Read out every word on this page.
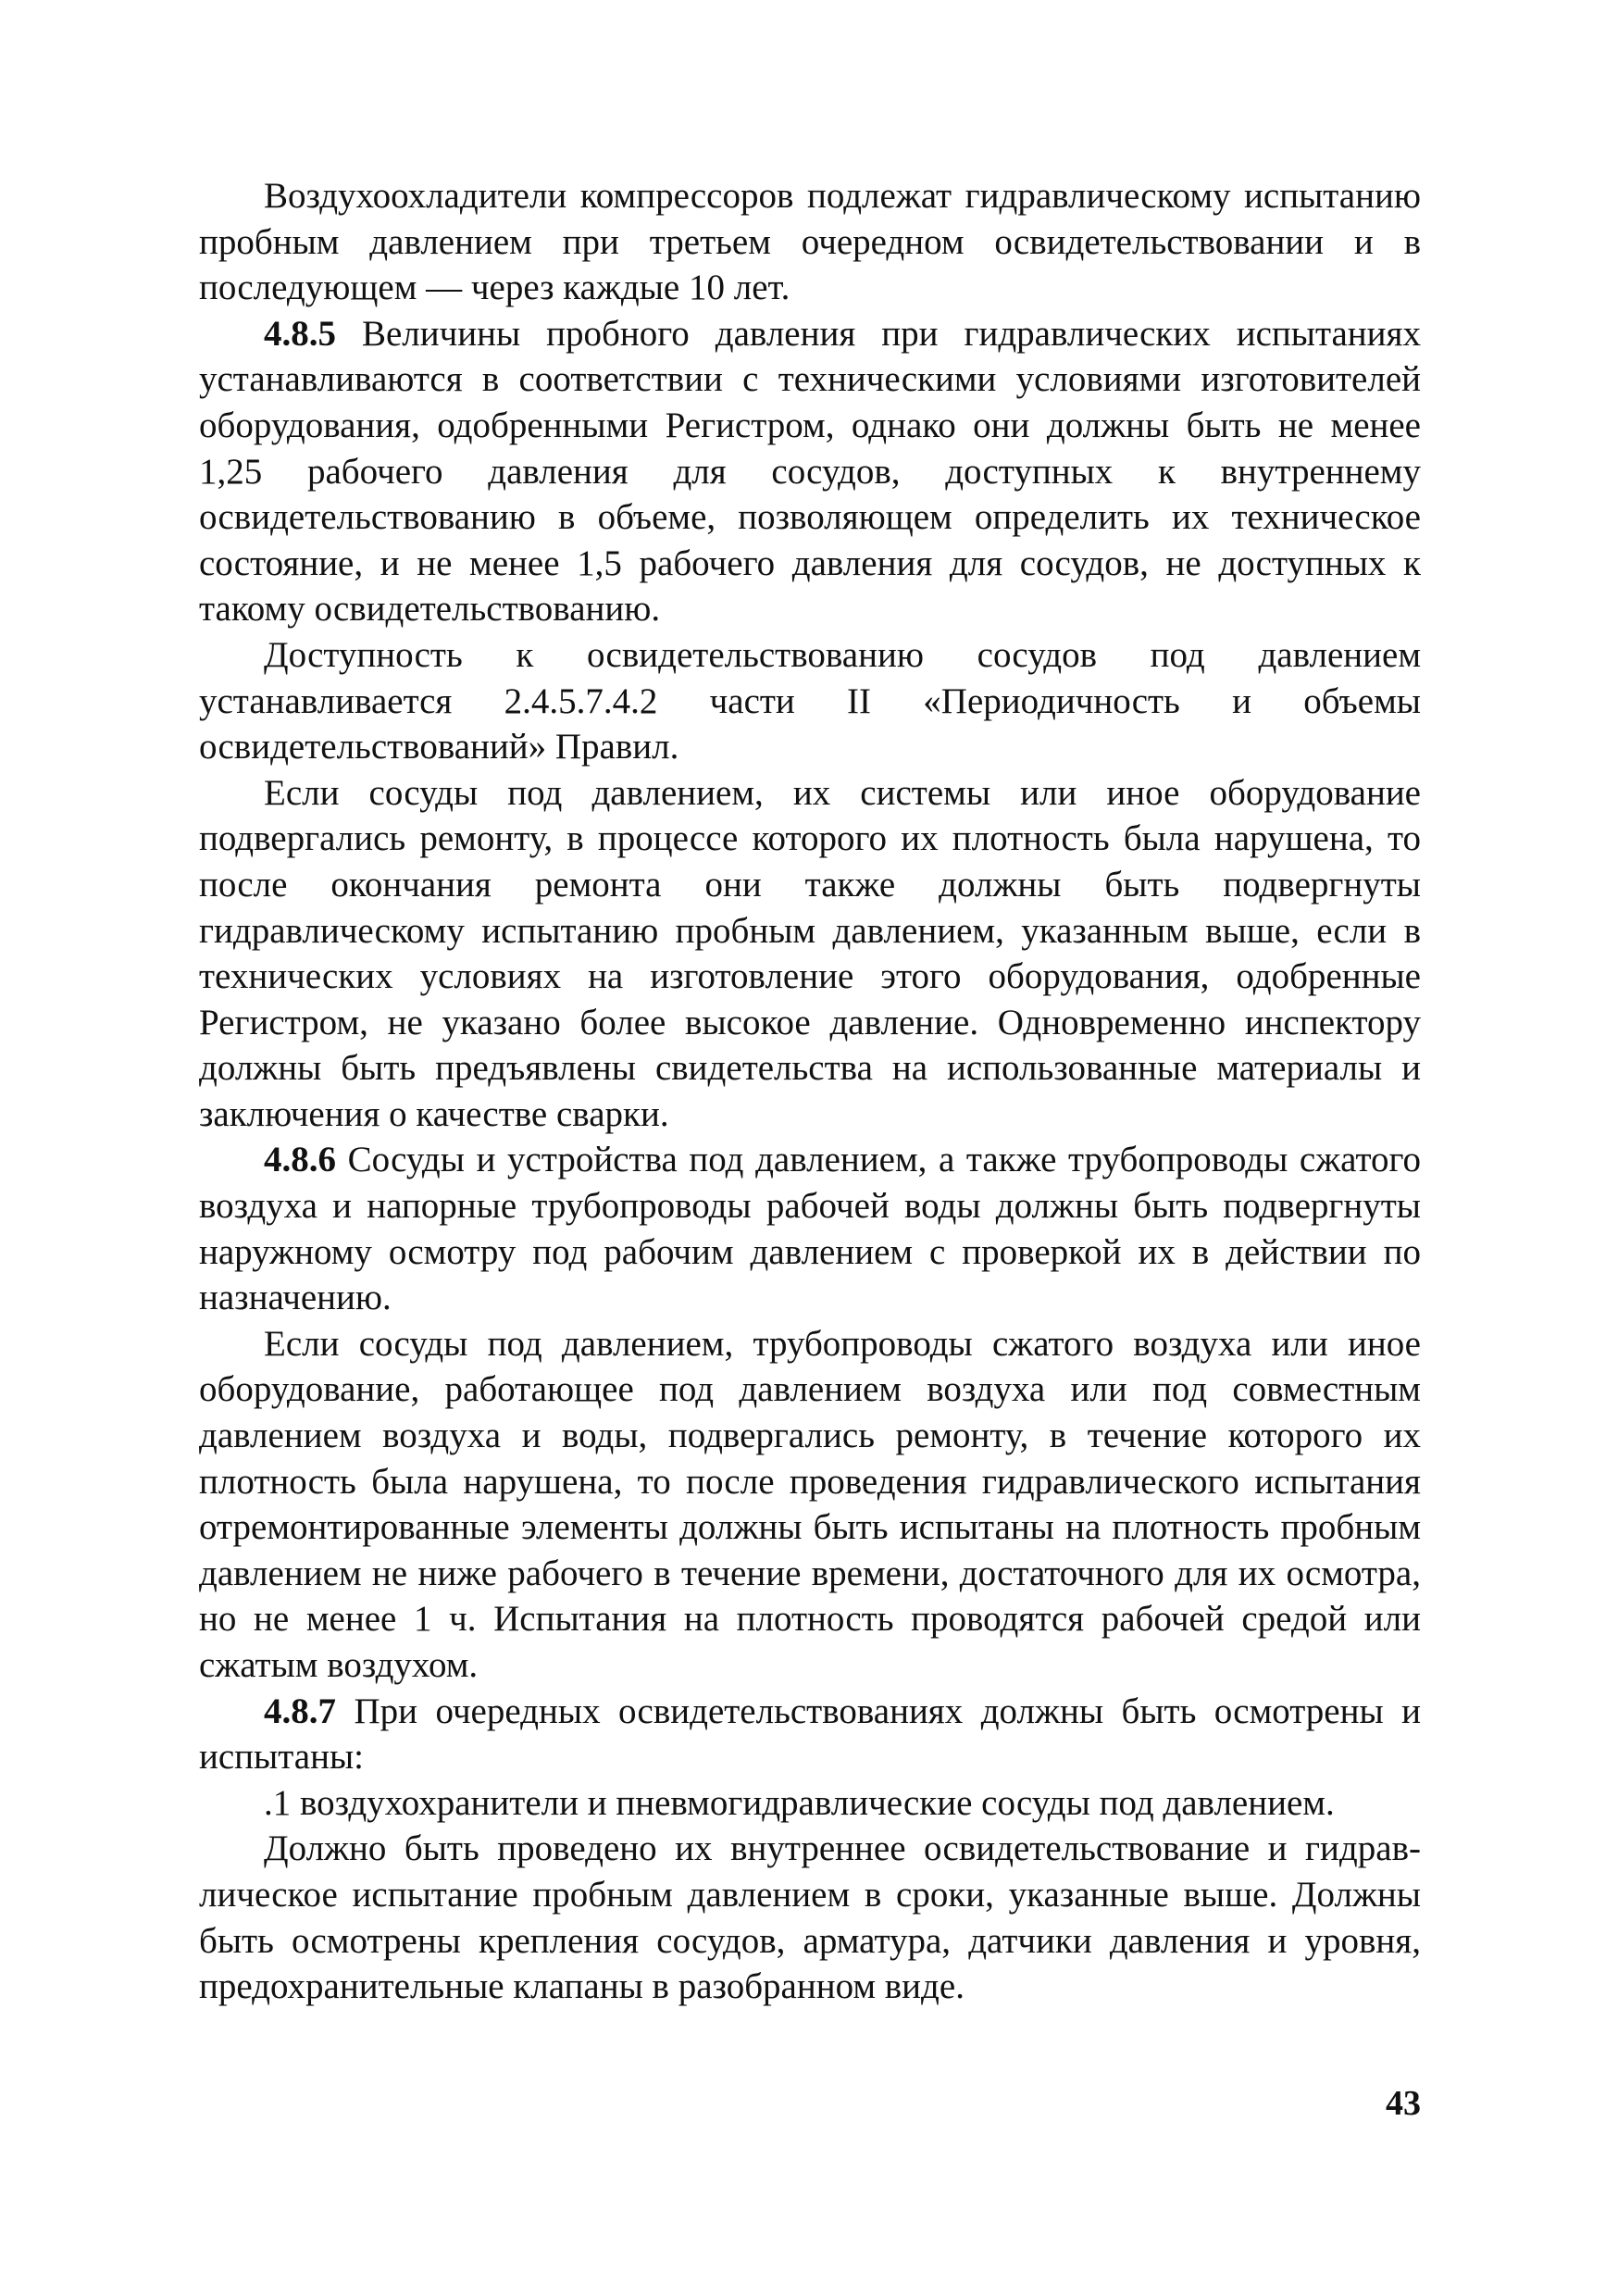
Воздухоохладители компрессоров подлежат гидравлическому испытанию пробным давлением при третьем очередном освидетельствовании и в последующем — через каждые 10 лет.

4.8.5 Величины пробного давления при гидравлических испытаниях устанавливаются в соответствии с техническими условиями изготовителей оборудования, одобренными Регистром, однако они должны быть не менее 1,25 рабочего давления для сосудов, доступных к внутреннему освидетельствованию в объеме, позволяющем определить их техническое состояние, и не менее 1,5 рабочего давления для сосудов, не доступных к такому освидетельствованию.

Доступность к освидетельствованию сосудов под давлением устанавливается 2.4.5.7.4.2 части II «Периодичность и объемы освидетельствований» Правил.

Если сосуды под давлением, их системы или иное оборудование подвергались ремонту, в процессе которого их плотность была нарушена, то после окончания ремонта они также должны быть подвергнуты гидравлическому испытанию пробным давлением, указанным выше, если в технических условиях на изготовление этого оборудования, одобренные Регистром, не указано более высокое давление. Одновременно инспектору должны быть предъявлены свидетельства на использованные материалы и заключения о качестве сварки.

4.8.6 Сосуды и устройства под давлением, а также трубопроводы сжатого воздуха и напорные трубопроводы рабочей воды должны быть подвергнуты наружному осмотру под рабочим давлением с проверкой их в действии по назначению.

Если сосуды под давлением, трубопроводы сжатого воздуха или иное оборудование, работающее под давлением воздуха или под совместным давлением воздуха и воды, подвергались ремонту, в течение которого их плотность была нарушена, то после проведения гидравлического испытания отремонтированные элементы должны быть испытаны на плотность пробным давлением не ниже рабочего в течение времени, достаточного для их осмотра, но не менее 1 ч. Испытания на плотность проводятся рабочей средой или сжатым воздухом.

4.8.7 При очередных освидетельствованиях должны быть осмотрены и испытаны:

.1 воздухохранители и пневмогидравлические сосуды под давлением.

Должно быть проведено их внутреннее освидетельствование и гидравлическое испытание пробным давлением в сроки, указанные выше. Должны быть осмотрены крепления сосудов, арматура, датчики давления и уровня, предохранительные клапаны в разобранном виде.

43
